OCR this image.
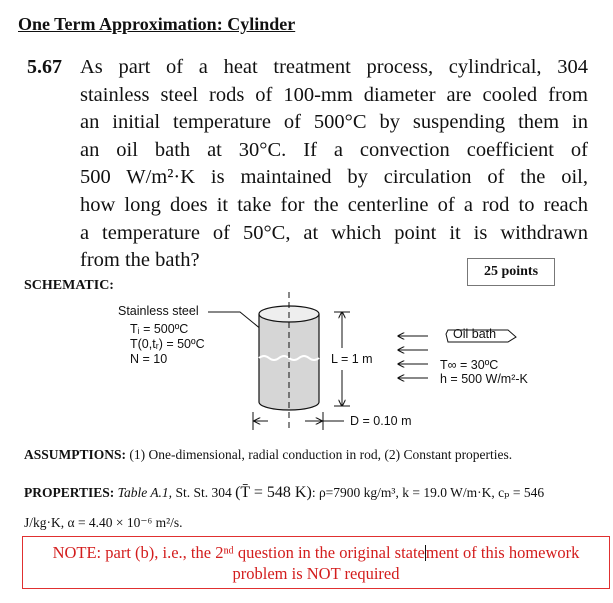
One Term Approximation: Cylinder
5.67 As part of a heat treatment process, cylindrical, 304
stainless steel rods of 100-mm diameter are cooled from
an initial temperature of 500°C by suspending them in
an oil bath at 30°C. If a convection coefficient of
500 W/m²·K is maintained by circulation of the oil,
how long does it take for the centerline of a rod to reach
a temperature of 50°C, at which point it is withdrawn
from the bath?
25 points
SCHEMATIC:
Stainless steel
Tᵢ = 500ºC
T(0,tᵣ) = 50ºC
N = 10	L = 1 m
Oil bath
T∞ = 30ºC
h = 500 W/m²-K
D = 0.10 m
ASSUMPTIONS: (1) One-dimensional, radial conduction in rod, (2) Constant properties.
PROPERTIES: Table A.1, St. St. 304 (T̄ = 548 K): ρ=7900 kg/m³, k = 19.0 W/m·K, cₚ = 546
J/kg·K, α = 4.40 × 10⁻⁶ m²/s.
NOTE: part (b), i.e., the 2ⁿᵈ question in the original statement of this homework
problem is NOT required
